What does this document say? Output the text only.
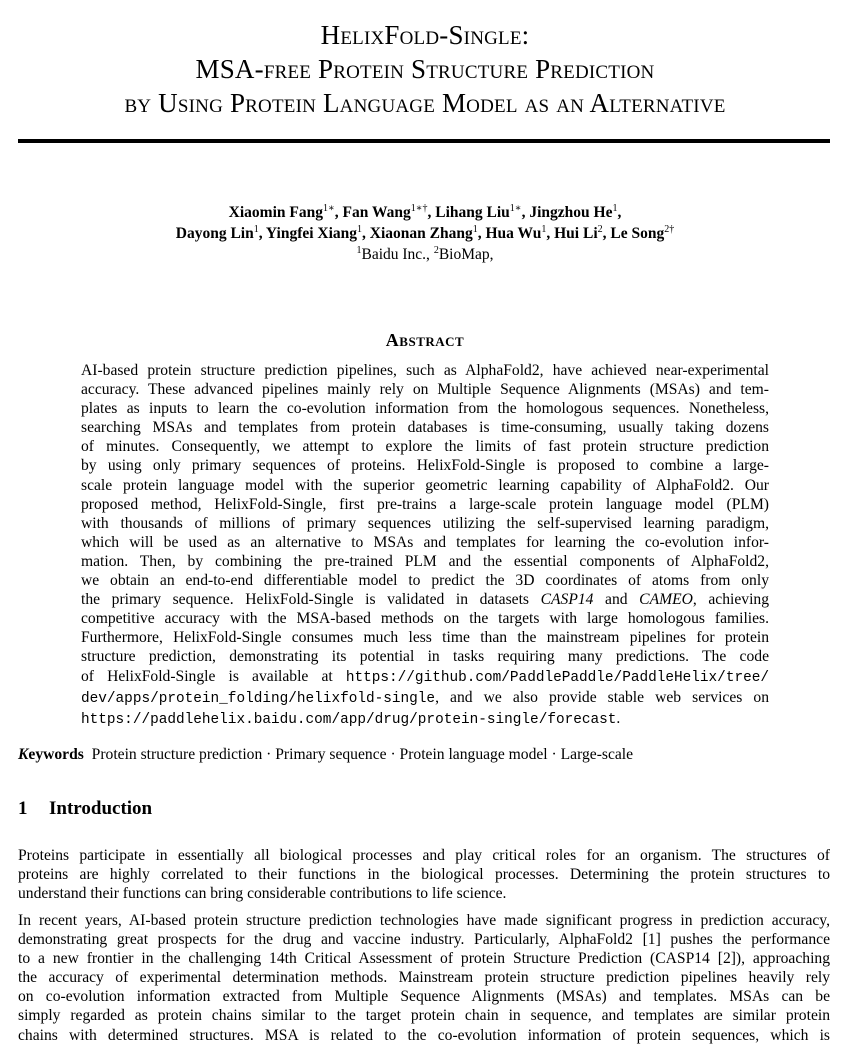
HelixFold-Single:
MSA-free Protein Structure Prediction
by Using Protein Language Model as an Alternative
Xiaomin Fang$^{1∗}$, Fan Wang$^{1∗\dagger}$, Lihang Liu$^{1∗}$, Jingzhou He$^1$,
Dayong Lin$^1$, Yingfei Xiang$^1$, Xiaonan Zhang$^1$, Hua Wu$^1$, Hui Li$^2$, Le Song$^{2\dagger}$
$^1$Baidu Inc., $^2$BioMap,
Abstract
AI-based protein structure prediction pipelines, such as AlphaFold2, have achieved near-experimental
accuracy. These advanced pipelines mainly rely on Multiple Sequence Alignments (MSAs) and tem-
plates as inputs to learn the co-evolution information from the homologous sequences. Nonetheless,
searching MSAs and templates from protein databases is time-consuming, usually taking dozens
of minutes. Consequently, we attempt to explore the limits of fast protein structure prediction
by using only primary sequences of proteins. HelixFold-Single is proposed to combine a large-
scale protein language model with the superior geometric learning capability of AlphaFold2. Our
proposed method, HelixFold-Single, first pre-trains a large-scale protein language model (PLM)
with thousands of millions of primary sequences utilizing the self-supervised learning paradigm,
which will be used as an alternative to MSAs and templates for learning the co-evolution infor-
mation. Then, by combining the pre-trained PLM and the essential components of AlphaFold2,
we obtain an end-to-end differentiable model to predict the 3D coordinates of atoms from only
the primary sequence. HelixFold-Single is validated in datasets CASP14 and CAMEO, achieving
competitive accuracy with the MSA-based methods on the targets with large homologous families.
Furthermore, HelixFold-Single consumes much less time than the mainstream pipelines for protein
structure prediction, demonstrating its potential in tasks requiring many predictions. The code
of HelixFold-Single is available at https://github.com/PaddlePaddle/PaddleHelix/tree/
dev/apps/protein_folding/helixfold-single, and we also provide stable web services on
https://paddlehelix.baidu.com/app/drug/protein-single/forecast.
Keywords Protein structure prediction · Primary sequence · Protein language model · Large-scale
1 Introduction
Proteins participate in essentially all biological processes and play critical roles for an organism. The structures of
proteins are highly correlated to their functions in the biological processes. Determining the protein structures to
understand their functions can bring considerable contributions to life science.
In recent years, AI-based protein structure prediction technologies have made significant progress in prediction accuracy,
demonstrating great prospects for the drug and vaccine industry. Particularly, AlphaFold2 [1] pushes the performance
to a new frontier in the challenging 14th Critical Assessment of protein Structure Prediction (CASP14 [2]), approaching
the accuracy of experimental determination methods. Mainstream protein structure prediction pipelines heavily rely
on co-evolution information extracted from Multiple Sequence Alignments (MSAs) and templates. MSAs can be
simply regarded as protein chains similar to the target protein chain in sequence, and templates are similar protein
chains with determined structures. MSA is related to the co-evolution information of protein sequences, which is
